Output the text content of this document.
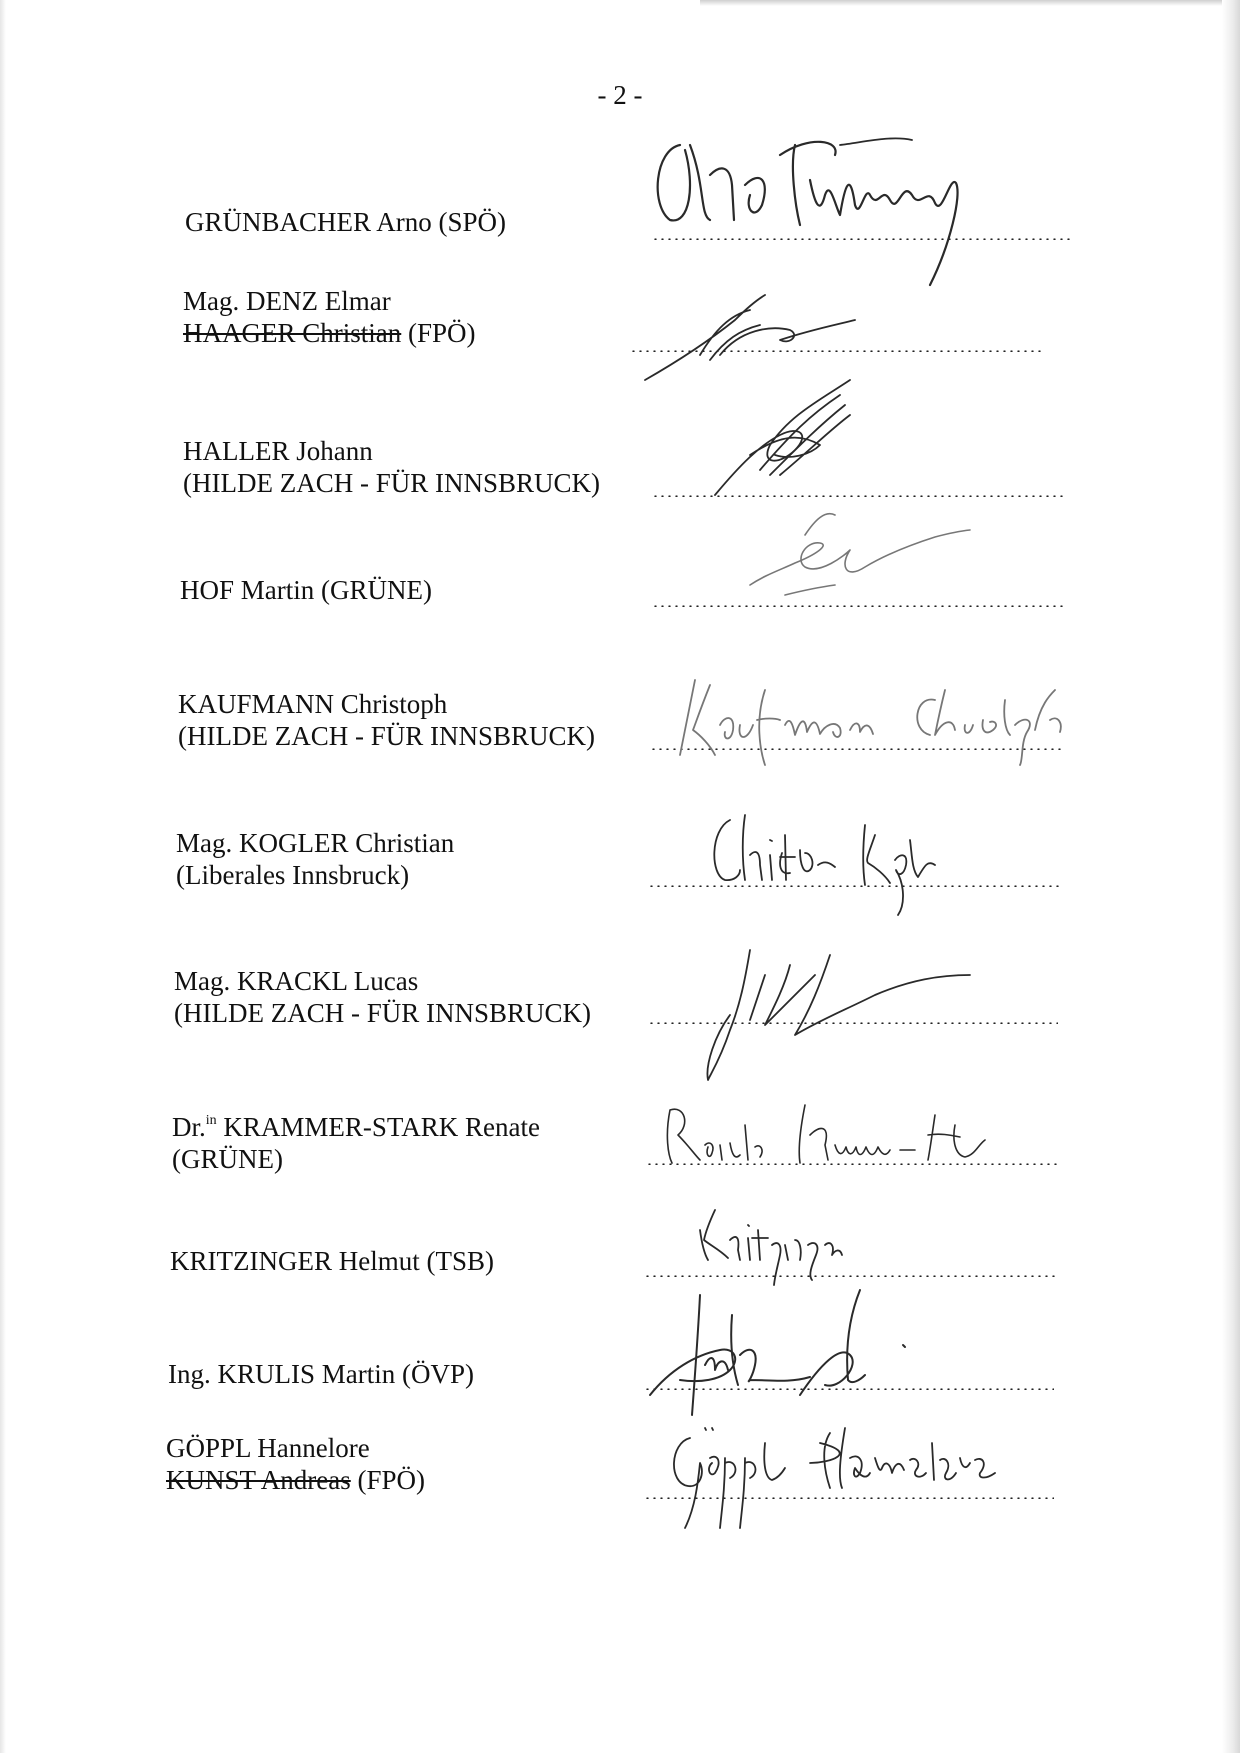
- 2 -
GRÜNBACHER Arno (SPÖ)
Mag. DENZ Elmar
HAAGER Christian (FPÖ)
HALLER Johann
(HILDE ZACH - FÜR INNSBRUCK)
HOF Martin (GRÜNE)
KAUFMANN Christoph
(HILDE ZACH - FÜR INNSBRUCK)
Mag. KOGLER Christian
(Liberales Innsbruck)
Mag. KRACKL Lucas
(HILDE ZACH - FÜR INNSBRUCK)
Dr.$^{in}$ KRAMMER-STARK Renate
(GRÜNE)
KRITZINGER Helmut (TSB)
Ing. KRULIS Martin (ÖVP)
GÖPPL Hannelore
KUNST Andreas (FPÖ)
